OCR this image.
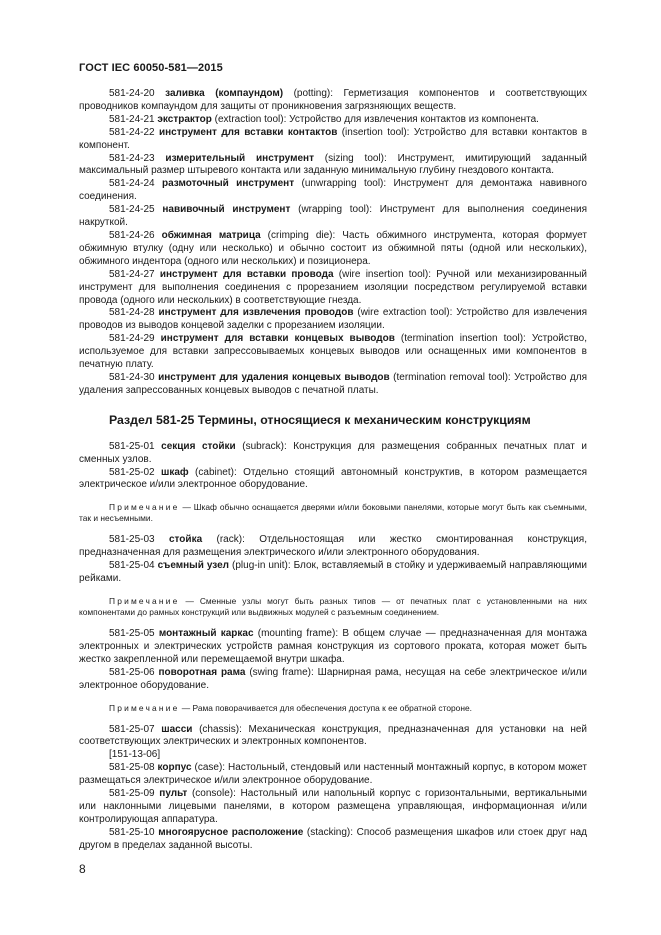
ГОСТ IEC 60050-581—2015

581-24-20 заливка (компаундом) (potting): Герметизация компонентов и соответствующих проводников компаундом для защиты от проникновения загрязняющих веществ.

581-24-21 экстрактор (extraction tool): Устройство для извлечения контактов из компонента.

581-24-22 инструмент для вставки контактов (insertion tool): Устройство для вставки контактов в компонент.

581-24-23 измерительный инструмент (sizing tool): Инструмент, имитирующий заданный максимальный размер штыревого контакта или заданную минимальную глубину гнездового контакта.

581-24-24 размоточный инструмент (unwrapping tool): Инструмент для демонтажа навивного соединения.

581-24-25 навивочный инструмент (wrapping tool): Инструмент для выполнения соединения накруткой.

581-24-26 обжимная матрица (crimping die): Часть обжимного инструмента, которая формует обжимную втулку (одну или несколько) и обычно состоит из обжимной пяты (одной или нескольких), обжимного индентора (одного или нескольких) и позиционера.

581-24-27 инструмент для вставки провода (wire insertion tool): Ручной или механизированный инструмент для выполнения соединения с прорезанием изоляции посредством регулируемой вставки провода (одного или нескольких) в соответствующие гнезда.

581-24-28 инструмент для извлечения проводов (wire extraction tool): Устройство для извлечения проводов из выводов концевой заделки с прорезанием изоляции.

581-24-29 инструмент для вставки концевых выводов (termination insertion tool): Устройство, используемое для вставки запрессовываемых концевых выводов или оснащенных ими компонентов в печатную плату.

581-24-30 инструмент для удаления концевых выводов (termination removal tool): Устройство для удаления запрессованных концевых выводов с печатной платы.

Раздел 581-25 Термины, относящиеся к механическим конструкциям

581-25-01 секция стойки (subrack): Конструкция для размещения собранных печатных плат и сменных узлов.

581-25-02 шкаф (cabinet): Отдельно стоящий автономный конструктив, в котором размещается электрическое и/или электронное оборудование.

Примечание — Шкаф обычно оснащается дверями и/или боковыми панелями, которые могут быть как съемными, так и несъемными.

581-25-03 стойка (rack): Отдельностоящая или жестко смонтированная конструкция, предназначенная для размещения электрического и/или электронного оборудования.

581-25-04 съемный узел (plug-in unit): Блок, вставляемый в стойку и удерживаемый направляющими рейками.

Примечание — Сменные узлы могут быть разных типов — от печатных плат с установленными на них компонентами до рамных конструкций или выдвижных модулей с разъемным соединением.

581-25-05 монтажный каркас (mounting frame): В общем случае — предназначенная для монтажа электронных и электрических устройств рамная конструкция из сортового проката, которая может быть жестко закрепленной или перемещаемой внутри шкафа.

581-25-06 поворотная рама (swing frame): Шарнирная рама, несущая на себе электрическое и/или электронное оборудование.

Примечание — Рама поворачивается для обеспечения доступа к ее обратной стороне.

581-25-07 шасси (chassis): Механическая конструкция, предназначенная для установки на ней соответствующих электрических и электронных компонентов.

[151-13-06]

581-25-08 корпус (case): Настольный, стендовый или настенный монтажный корпус, в котором может размещаться электрическое и/или электронное оборудование.

581-25-09 пульт (console): Настольный или напольный корпус с горизонтальными, вертикальными или наклонными лицевыми панелями, в котором размещена управляющая, информационная и/или контролирующая аппаратура.

581-25-10 многоярусное расположение (stacking): Способ размещения шкафов или стоек друг над другом в пределах заданной высоты.

8
